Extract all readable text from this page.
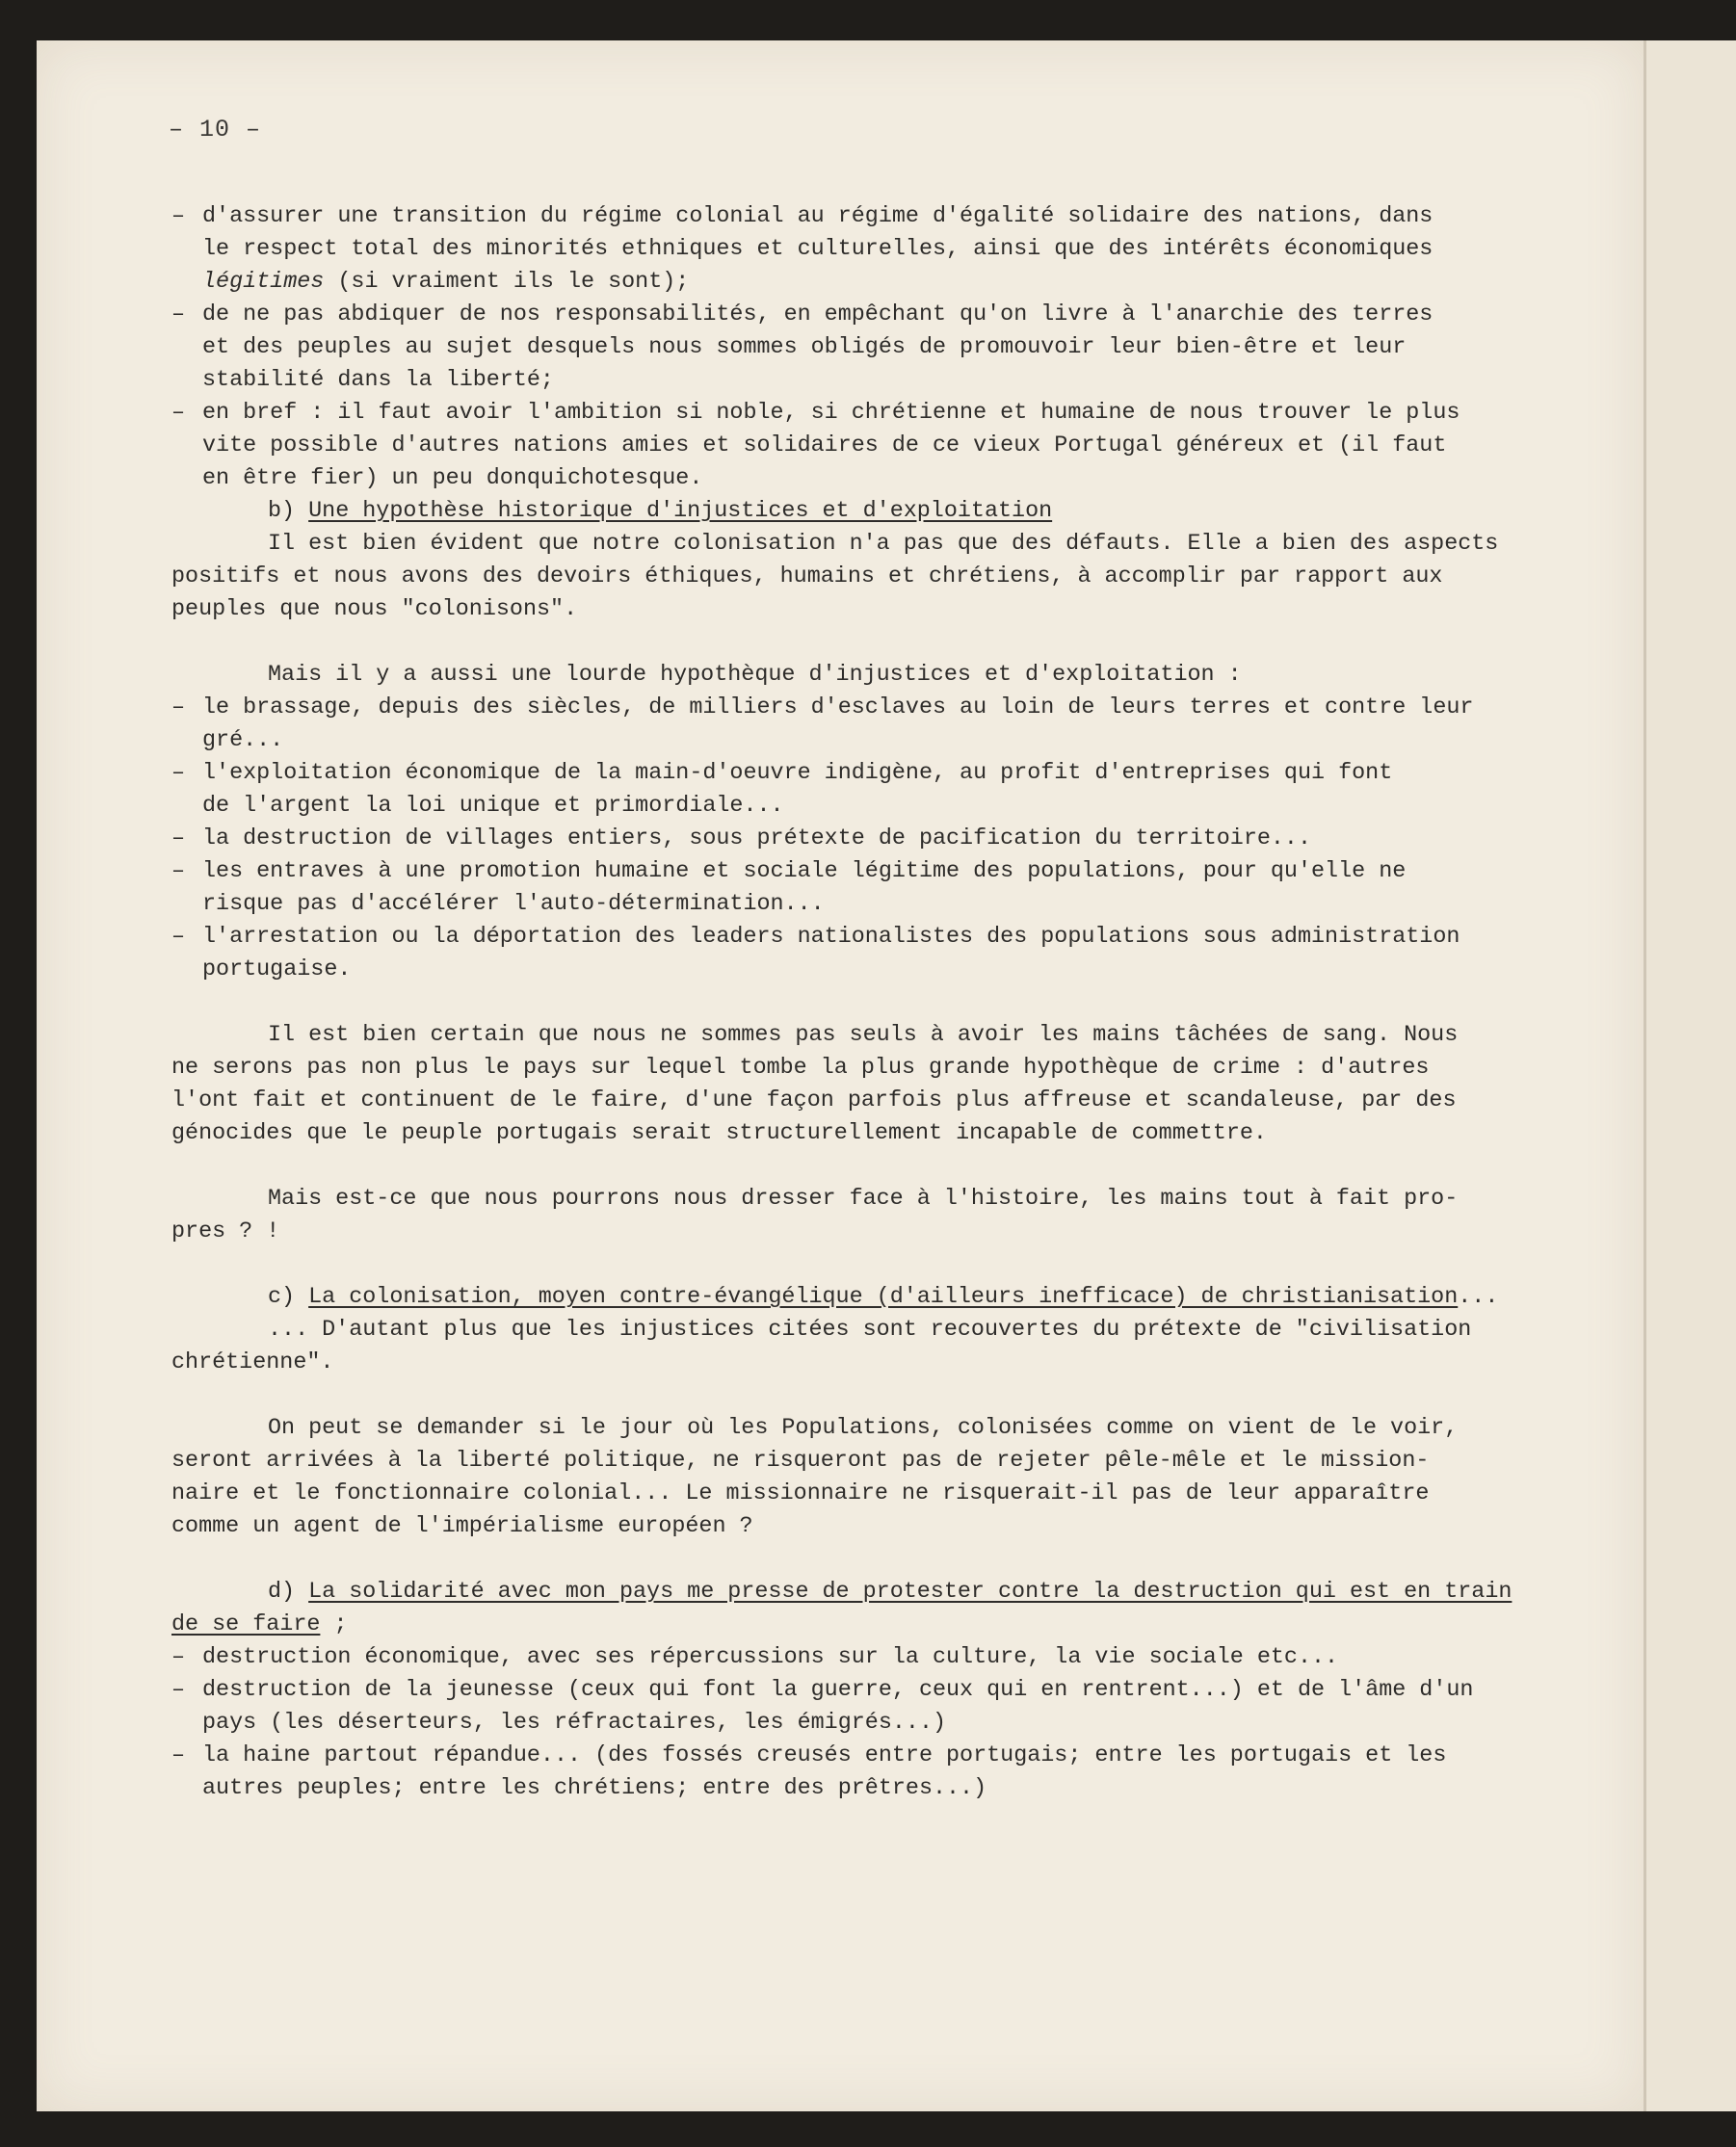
– 10 –
– d'assurer une transition du régime colonial au régime d'égalité solidaire des nations, dans
le respect total des minorités ethniques et culturelles, ainsi que des intérêts économiques
légitimes (si vraiment ils le sont);
– de ne pas abdiquer de nos responsabilités, en empêchant qu'on livre à l'anarchie des terres
et des peuples au sujet desquels nous sommes obligés de promouvoir leur bien-être et leur
stabilité dans la liberté;
– en bref : il faut avoir l'ambition si noble, si chrétienne et humaine de nous trouver le plus
vite possible d'autres nations amies et solidaires de ce vieux Portugal généreux et (il faut
en être fier) un peu donquichotesque.
b) Une hypothèse historique d'injustices et d'exploitation
Il est bien évident que notre colonisation n'a pas que des défauts. Elle a bien des aspects
positifs et nous avons des devoirs éthiques, humains et chrétiens, à accomplir par rapport aux
peuples que nous "colonisons".
Mais il y a aussi une lourde hypothèque d'injustices et d'exploitation :
– le brassage, depuis des siècles, de milliers d'esclaves au loin de leurs terres et contre leur
gré...
– l'exploitation économique de la main-d'oeuvre indigène, au profit d'entreprises qui font
de l'argent la loi unique et primordiale...
– la destruction de villages entiers, sous prétexte de pacification du territoire...
– les entraves à une promotion humaine et sociale légitime des populations, pour qu'elle ne
risque pas d'accélérer l'auto-détermination...
– l'arrestation ou la déportation des leaders nationalistes des populations sous administration
portugaise.
Il est bien certain que nous ne sommes pas seuls à avoir les mains tâchées de sang. Nous
ne serons pas non plus le pays sur lequel tombe la plus grande hypothèque de crime : d'autres
l'ont fait et continuent de le faire, d'une façon parfois plus affreuse et scandaleuse, par des
génocides que le peuple portugais serait structurellement incapable de commettre.
Mais est-ce que nous pourrons nous dresser face à l'histoire, les mains tout à fait pro-
pres ? !
c) La colonisation, moyen contre-évangélique (d'ailleurs inefficace) de christianisation...
... D'autant plus que les injustices citées sont recouvertes du prétexte de "civilisation
chrétienne".
On peut se demander si le jour où les Populations, colonisées comme on vient de le voir,
seront arrivées à la liberté politique, ne risqueront pas de rejeter pêle-mêle et le mission-
naire et le fonctionnaire colonial... Le missionnaire ne risquerait-il pas de leur apparaître
comme un agent de l'impérialisme européen ?
d) La solidarité avec mon pays me presse de protester contre la destruction qui est en train
de se faire ;
– destruction économique, avec ses répercussions sur la culture, la vie sociale etc...
– destruction de la jeunesse (ceux qui font la guerre, ceux qui en rentrent...) et de l'âme d'un
pays (les déserteurs, les réfractaires, les émigrés...)
– la haine partout répandue... (des fossés creusés entre portugais; entre les portugais et les
autres peuples; entre les chrétiens; entre des prêtres...)
